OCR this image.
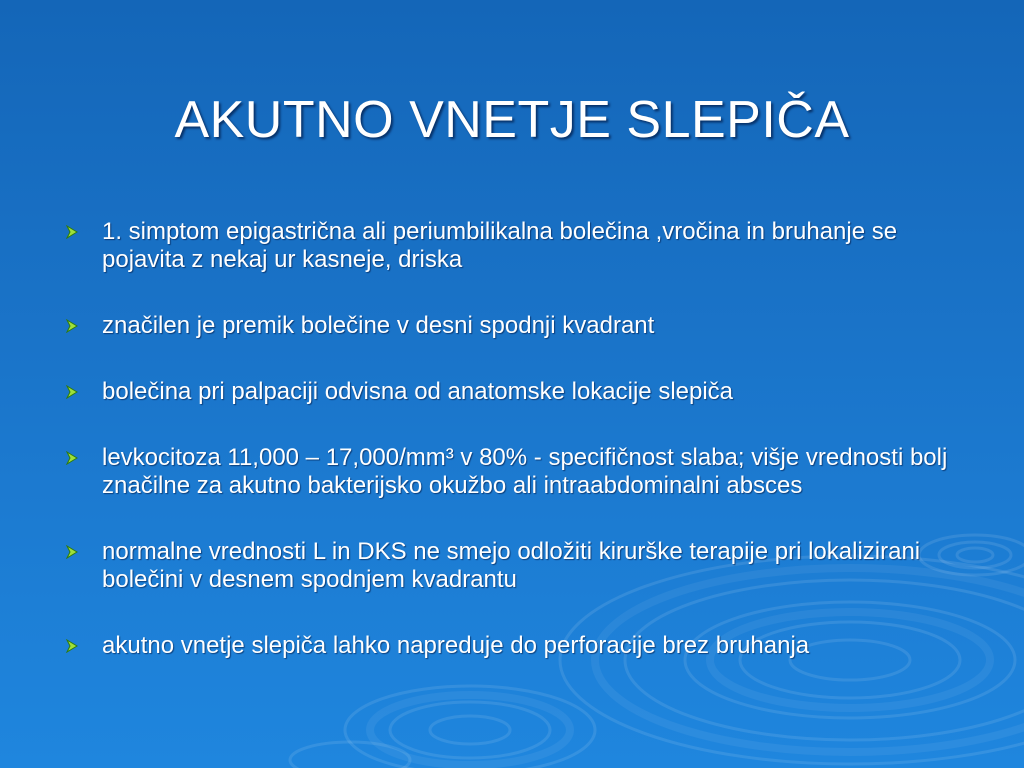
AKUTNO VNETJE SLEPIČA
1. simptom epigastrična ali periumbilikalna bolečina ,vročina in bruhanje se pojavita z nekaj ur kasneje, driska
značilen je premik bolečine v desni spodnji kvadrant
bolečina pri palpaciji odvisna od anatomske lokacije slepiča
levkocitoza 11,000 – 17,000/mm³ v 80% - specifičnost slaba; višje vrednosti bolj značilne za akutno bakterijsko okužbo ali intraabdominalni absces
normalne vrednosti L in DKS ne smejo odložiti kirurške terapije pri lokalizirani bolečini v desnem spodnjem kvadrantu
akutno vnetje slepiča lahko napreduje do perforacije brez bruhanja
